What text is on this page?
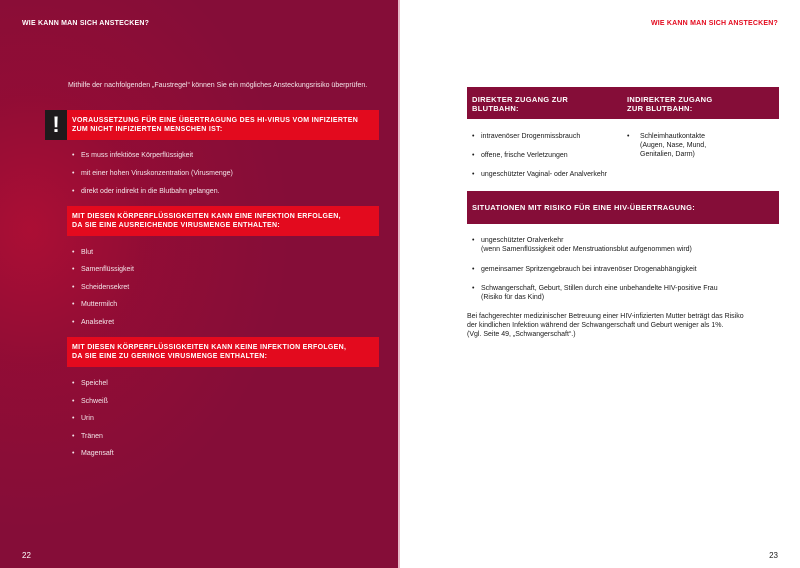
WIE KANN MAN SICH ANSTECKEN?
Mithilfe der nachfolgenden „Faustregel“ können Sie ein mögliches Ansteckungsrisiko überprüfen.
!	VORAUSSETZUNG FÜR EINE ÜBERTRAGUNG DES HI-VIRUS VOM INFIZIERTEN
ZUM NICHT INFIZIERTEN MENSCHEN IST:
• Es muss infektiöse Körperflüssigkeit
• mit einer hohen Viruskonzentration (Virusmenge)
• direkt oder indirekt in die Blutbahn gelangen.
MIT DIESEN KÖRPERFLÜSSIGKEITEN KANN EINE INFEKTION ERFOLGEN,
DA SIE EINE AUSREICHENDE VIRUSMENGE ENTHALTEN:
• Blut
• Samenflüssigkeit
• Scheidensekret
• Muttermilch
• Analsekret
MIT DIESEN KÖRPERFLÜSSIGKEITEN KANN KEINE INFEKTION ERFOLGEN,
DA SIE EINE ZU GERINGE VIRUSMENGE ENTHALTEN:
• Speichel
• Schweiß
• Urin
• Tränen
• Magensaft
22
WIE KANN MAN SICH ANSTECKEN?
23
DIREKTER ZUGANG ZUR
BLUTBAHN:
INDIREKTER ZUGANG
ZUR BLUTBAHN:
• intravenöser Drogenmissbrauch
• offene, frische Verletzungen
• ungeschützter Vaginal- oder Analverkehr
• Schleimhautkontakte
(Augen, Nase, Mund,
Genitalien, Darm)
SITUATIONEN MIT RISIKO FÜR EINE HIV-ÜBERTRAGUNG:
• ungeschützter Oralverkehr
(wenn Samenflüssigkeit oder Menstruationsblut aufgenommen wird)
• gemeinsamer Spritzengebrauch bei intravenöser Drogenabhängigkeit
• Schwangerschaft, Geburt, Stillen durch eine unbehandelte HIV-positive Frau
(Risiko für das Kind)
Bei fachgerechter medizinischer Betreuung einer HIV-infizierten Mutter beträgt das Risiko
der kindlichen Infektion während der Schwangerschaft und Geburt weniger als 1%.
(Vgl. Seite 49, „Schwangerschaft“.)
